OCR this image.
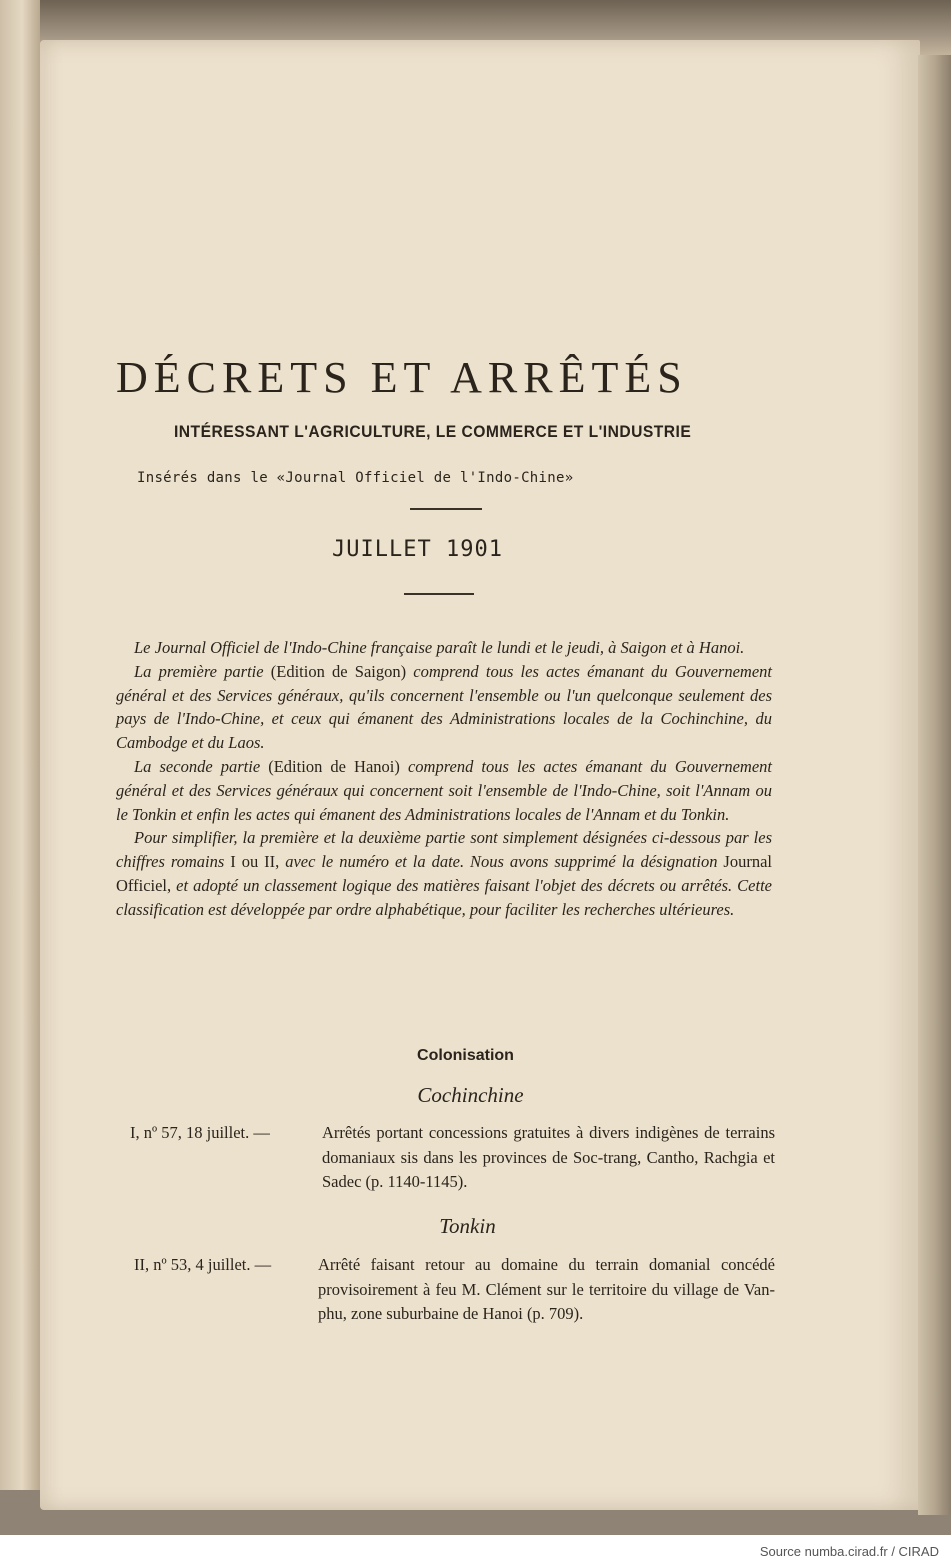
DÉCRETS ET ARRÊTÉS
INTÉRESSANT L'AGRICULTURE, LE COMMERCE ET L'INDUSTRIE
Insérés dans le «Journal Officiel de l'Indo-Chine»
JUILLET 1901

Le Journal Officiel de l'Indo-Chine française paraît le lundi et le jeudi, à Saigon et à Hanoi.

La première partie (Edition de Saigon) comprend tous les actes émanant du Gouvernement général et des Services généraux, qu'ils concernent l'ensemble ou l'un quelconque seulement des pays de l'Indo-Chine, et ceux qui émanent des Administrations locales de la Cochinchine, du Cambodge et du Laos.

La seconde partie (Edition de Hanoi) comprend tous les actes émanant du Gouvernement général et des Services généraux qui concernent soit l'ensemble de l'Indo-Chine, soit l'Annam ou le Tonkin et enfin les actes qui émanent des Administrations locales de l'Annam et du Tonkin.

Pour simplifier, la première et la deuxième partie sont simplement désignées ci-dessous par les chiffres romains I ou II, avec le numéro et la date. Nous avons supprimé la désignation Journal Officiel, et adopté un classement logique des matières faisant l'objet des décrets ou arrêtés. Cette classification est développée par ordre alphabétique, pour faciliter les recherches ultérieures.

Colonisation
Cochinchine
I, nº 57, 18 juillet. —	Arrêtés portant concessions gratuites à divers indigènes de terrains domaniaux sis dans les provinces de Soc-trang, Cantho, Rachgia et Sadec (p. 1140-1145).
Tonkin
II, nº 53, 4 juillet. —	Arrêté faisant retour au domaine du terrain domanial concédé provisoirement à feu M. Clément sur le territoire du village de Van-phu, zone suburbaine de Hanoi (p. 709).
Source numba.cirad.fr / CIRAD
